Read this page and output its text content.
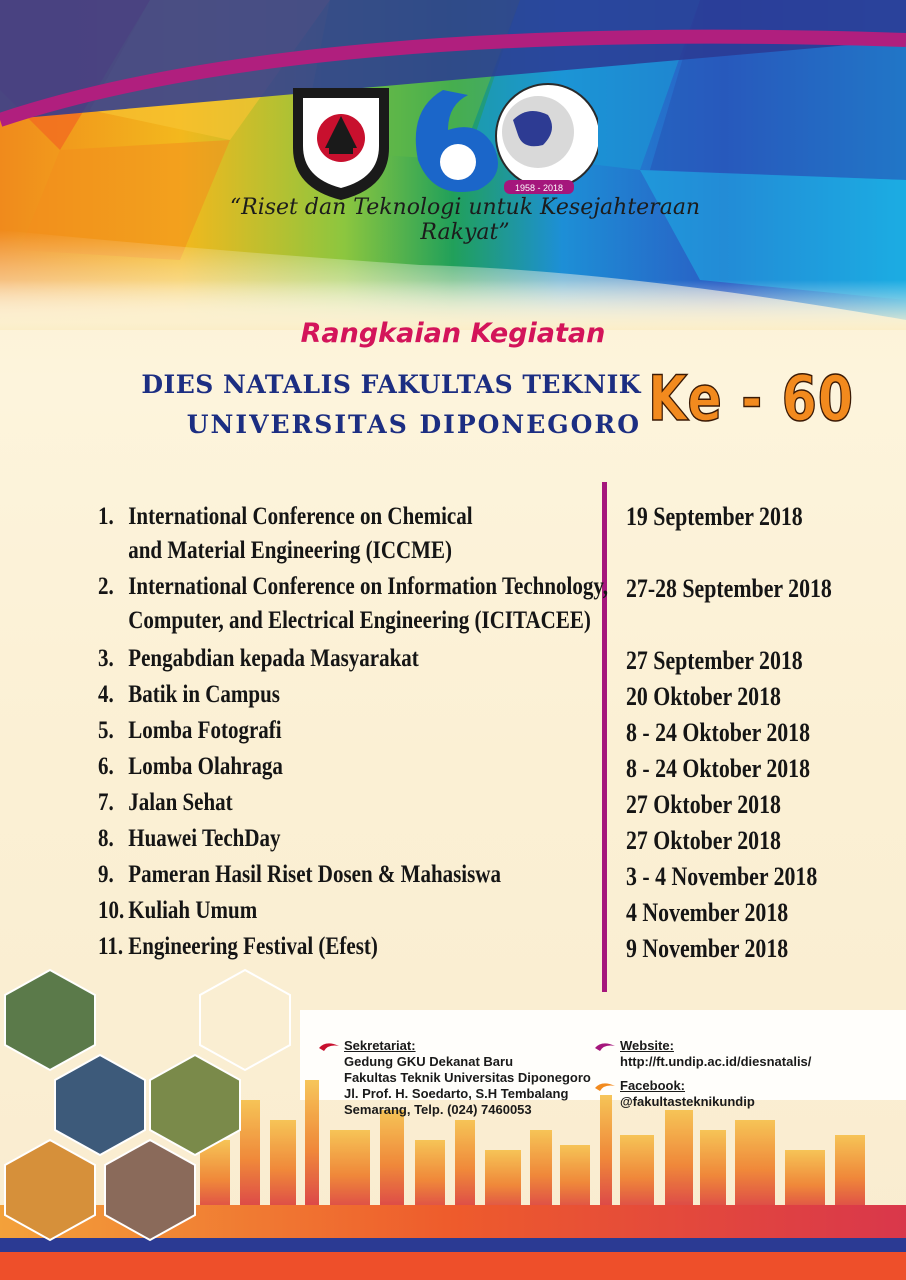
1958 - 2018
“Riset dan Teknologi untuk Kesejahteraan Rakyat”
Rangkaian Kegiatan
DIES NATALIS FAKULTAS TEKNIK
UNIVERSITAS DIPONEGORO Ke - 60
1. International Conference on Chemical
and Material Engineering (ICCME)
2. International Conference on Information Technology,
Computer, and Electrical Engineering (ICITACEE)
3. Pengabdian kepada Masyarakat
4. Batik in Campus
5. Lomba Fotografi
6. Lomba Olahraga
7. Jalan Sehat
8. Huawei TechDay
9. Pameran Hasil Riset Dosen & Mahasiswa
10. Kuliah Umum
11. Engineering Festival (Efest)
19 September 2018
27-28 September 2018
27 September 2018
20 Oktober 2018
8 - 24 Oktober 2018
8 - 24 Oktober 2018
27 Oktober 2018
27 Oktober 2018
3 - 4 November 2018
4 November 2018
9 November 2018
Sekretariat:
Gedung GKU Dekanat Baru
Fakultas Teknik Universitas Diponegoro
Jl. Prof. H. Soedarto, S.H Tembalang
Semarang, Telp. (024) 7460053
Website:
http://ft.undip.ac.id/diesnatalis/
Facebook:
@fakultasteknikundip
